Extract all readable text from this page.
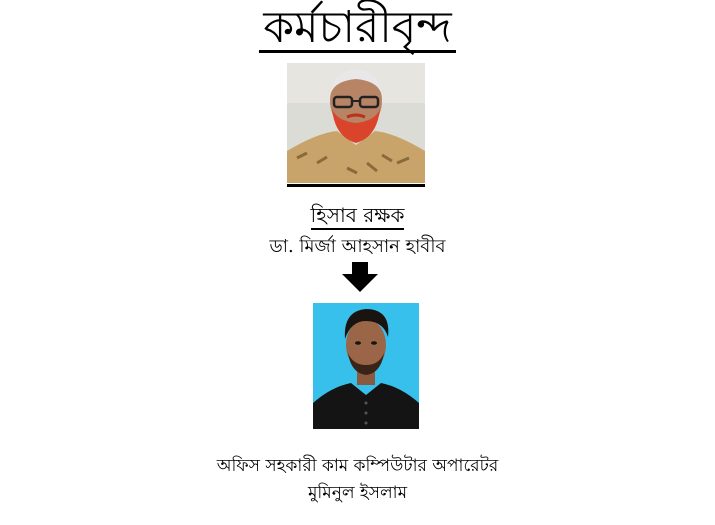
কর্মচারীবৃন্দ
হিসাব রক্ষক
ডা. মির্জা আহসান হাবীব
অফিস সহকারী কাম কম্পিউটার অপারেটর
মুমিনুল ইসলাম
